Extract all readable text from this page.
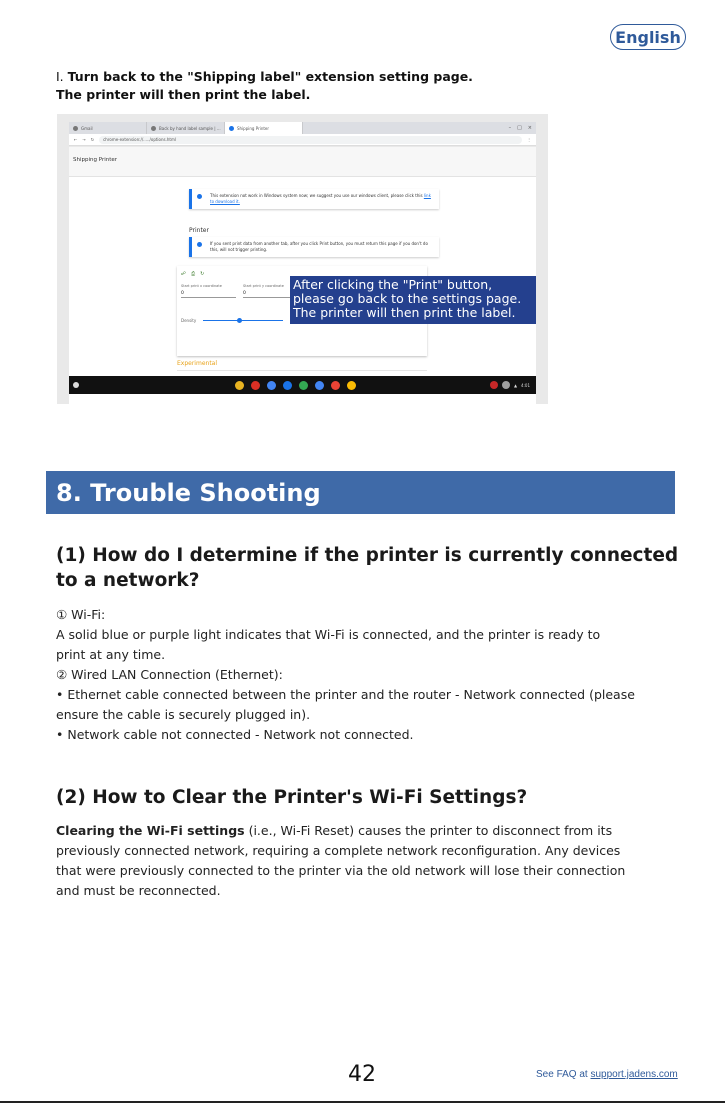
English
I. Turn back to the "Shipping label" extension setting page.
The printer will then print the label.
Gmail	Back by hand label sample | ...	Shipping Printer	– □ ×
← → ↻	chrome-extension://...../options.html	⋮
Shipping Printer
This extension not work in Windows system now; we suggest you use our windows client, please click this link to download it.
Printer
If you sent print data from another tab, after you click Print button, you must return this page if you don't do this, will not trigger printing.
☍ ⎙ ↻
Start print x coordinate
0
Start print y coordinate
0
Density
Experimental
After clicking the "Print" button,
please go back to the settings page.
The printer will then print the label.
▲ 4:01
8. Trouble Shooting
(1) How do I determine if the printer is currently connected
to a network?
① Wi-Fi:
A solid blue or purple light indicates that Wi-Fi is connected, and the printer is ready to
print at any time.
② Wired LAN Connection (Ethernet):
• Ethernet cable connected between the printer and the router - Network connected (please
ensure the cable is securely plugged in).
• Network cable not connected - Network not connected.
(2) How to Clear the Printer's Wi-Fi Settings?
Clearing the Wi-Fi settings (i.e., Wi-Fi Reset) causes the printer to disconnect from its
previously connected network, requiring a complete network reconfiguration. Any devices
that were previously connected to the printer via the old network will lose their connection
and must be reconnected.
42	See FAQ at support.jadens.com
